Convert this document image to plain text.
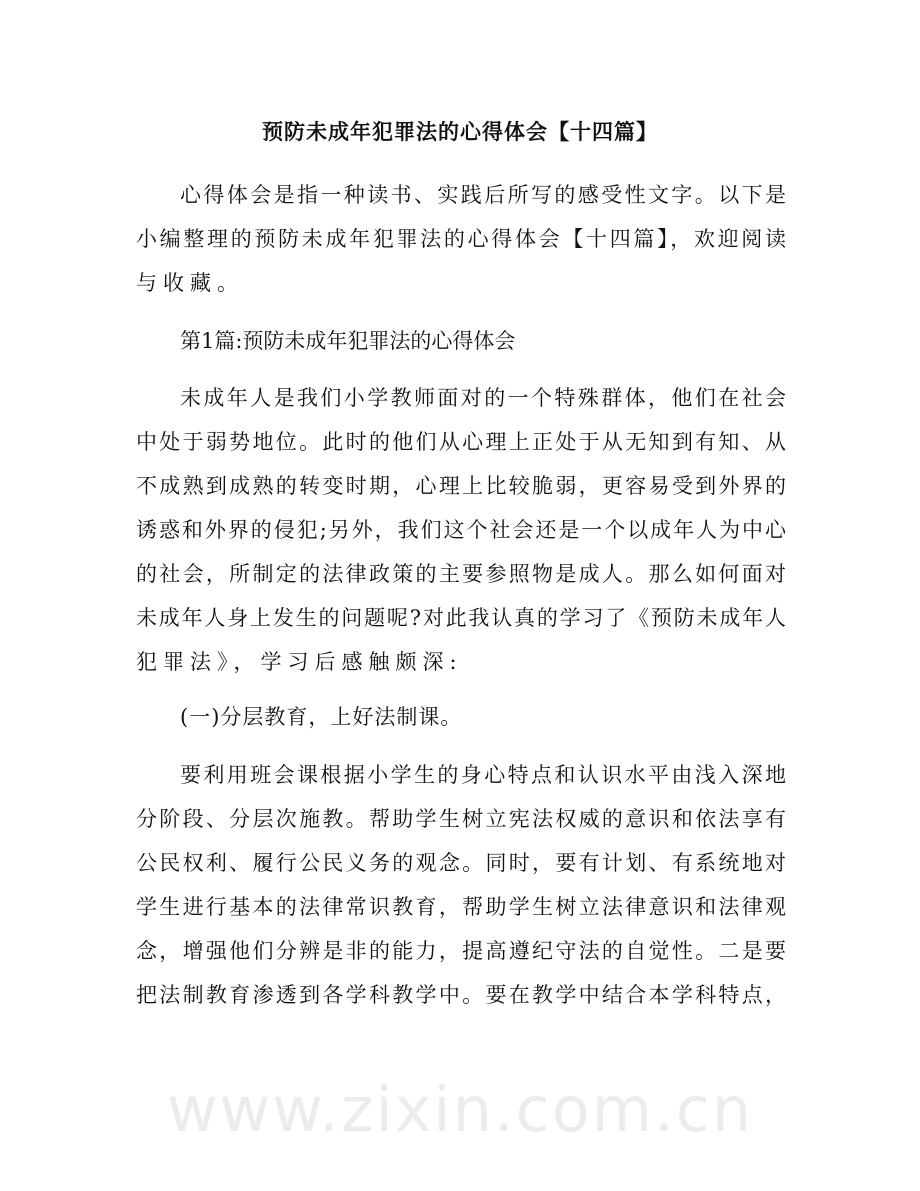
预防未成年犯罪法的心得体会【十四篇】
心得体会是指一种读书、实践后所写的感受性文字。以下是
小编整理的预防未成年犯罪法的心得体会【十四篇】，欢迎阅读
与收藏。
第1篇:预防未成年犯罪法的心得体会
未成年人是我们小学教师面对的一个特殊群体，他们在社会
中处于弱势地位。此时的他们从心理上正处于从无知到有知、从
不成熟到成熟的转变时期，心理上比较脆弱，更容易受到外界的
诱惑和外界的侵犯;另外，我们这个社会还是一个以成年人为中心
的社会，所制定的法律政策的主要参照物是成人。那么如何面对
未成年人身上发生的问题呢?对此我认真的学习了《预防未成年人
犯罪法》，学习后感触颇深:
(一)分层教育，上好法制课。
要利用班会课根据小学生的身心特点和认识水平由浅入深地
分阶段、分层次施教。帮助学生树立宪法权威的意识和依法享有
公民权利、履行公民义务的观念。同时，要有计划、有系统地对
学生进行基本的法律常识教育，帮助学生树立法律意识和法律观
念，增强他们分辨是非的能力，提高遵纪守法的自觉性。二是要
把法制教育渗透到各学科教学中。要在教学中结合本学科特点，
www.zixin.com.cn
